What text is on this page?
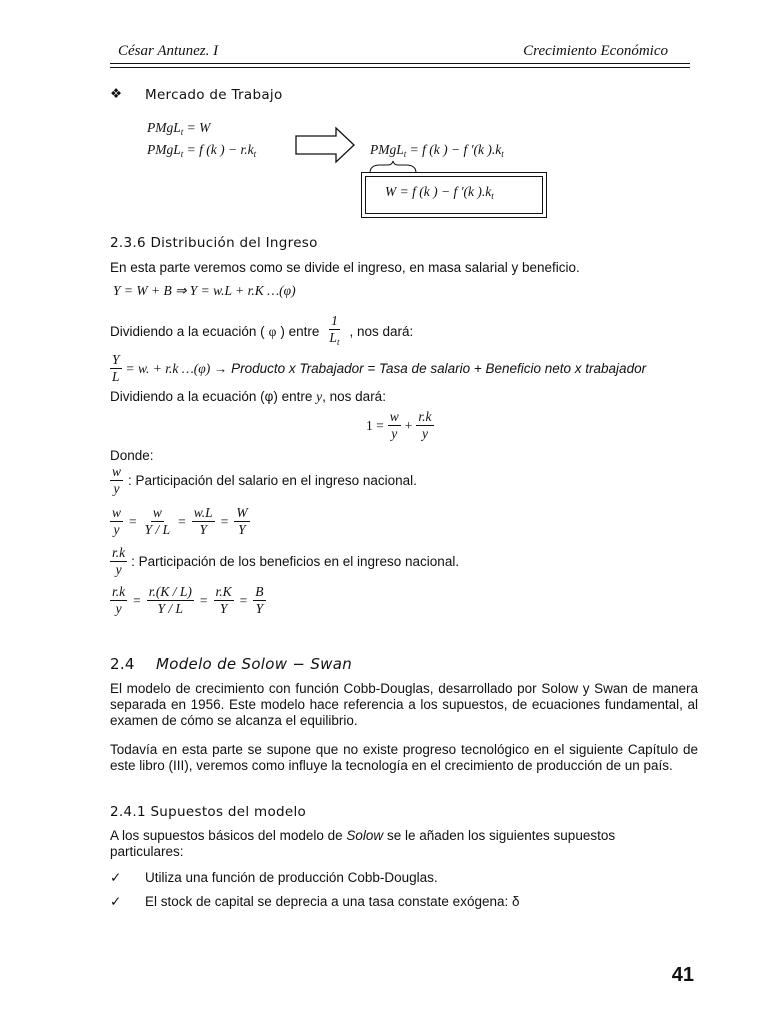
César Antunez. I	Crecimiento Económico
❖ Mercado de Trabajo
PMgL$_t$ = W
PMgL$_t$ = f (k ) − $r.k_t$	PMgL$_t$ = f (k ) − f ′(k )$.k_t$
W = f (k ) − f ′(k )$.k_t$
2.3.6 Distribución del Ingreso
En esta parte veremos como se divide el ingreso, en masa salarial y beneficio.
Y = W + B ⇒ Y = w.L + r.K …(φ)
Dividiendo a la ecuación ( φ ) entre $\frac{1}{L_t}$ , nos dará:
$\frac{Y}{L} = w$. + r.k …(φ) → Producto x Trabajador = Tasa de salario + Beneficio neto x trabajador
Dividiendo a la ecuación (φ) entre y, nos dará:
$1 = \frac{w}{y} + \frac{r.k}{y}$
Donde:
$\frac{w}{y}$ : Participación del salario en el ingreso nacional.
$\frac{w}{y} = \frac{w}{Y / L} = \frac{w.L}{Y} = \frac{W}{Y}$
$\frac{r.k}{y}$ : Participación de los beneficios en el ingreso nacional.
$\frac{r.k}{y} = \frac{r.(K / L)}{Y / L} = \frac{r.K}{Y} = \frac{B}{Y}$
2.4 Modelo de Solow − Swan
El modelo de crecimiento con función Cobb-Douglas, desarrollado por Solow y Swan de manera separada en 1956. Este modelo hace referencia a los supuestos, de ecuaciones fundamental, al examen de cómo se alcanza el equilibrio.
Todavía en esta parte se supone que no existe progreso tecnológico en el siguiente Capítulo de este libro (III), veremos como influye la tecnología en el crecimiento de producción de un país.
2.4.1 Supuestos del modelo
A los supuestos básicos del modelo de Solow se le añaden los siguientes supuestos particulares:
✓ Utiliza una función de producción Cobb-Douglas.
✓ El stock de capital se deprecia a una tasa constate exógena: δ
41
